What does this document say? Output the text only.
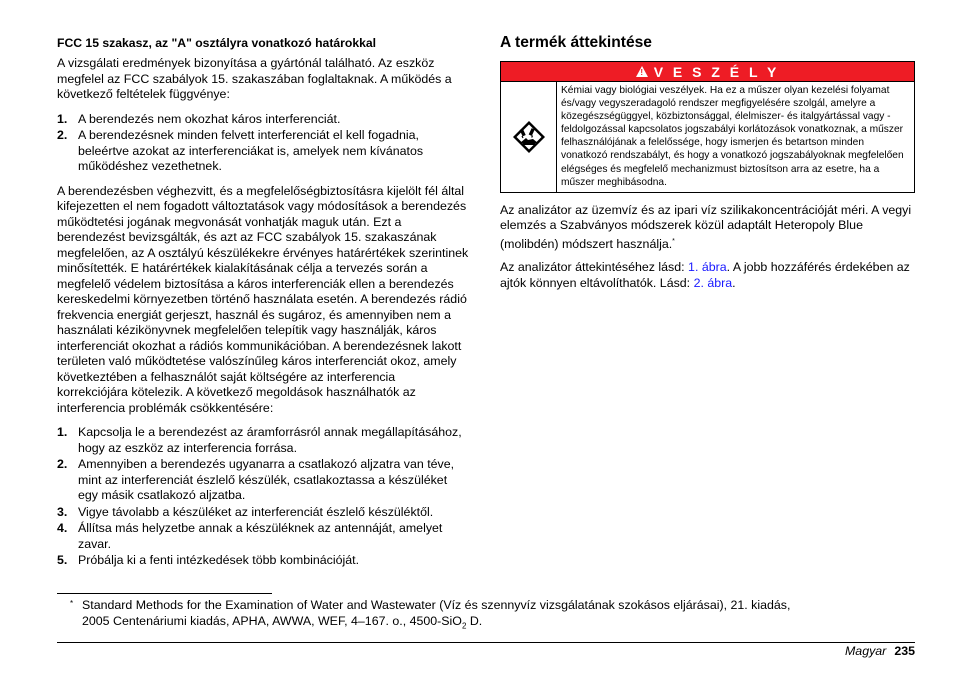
FCC 15 szakasz, az "A" osztályra vonatkozó határokkal

A vizsgálati eredmények bizonyítása a gyártónál található. Az eszköz megfelel az FCC szabályok 15. szakaszában foglaltaknak. A működés a következő feltételek függvénye:

1. A berendezés nem okozhat káros interferenciát.
2. A berendezésnek minden felvett interferenciát el kell fogadnia, beleértve azokat az interferenciákat is, amelyek nem kívánatos működéshez vezethetnek.

A berendezésben véghezvitt, és a megfelelőségbiztosításra kijelölt fél által kifejezetten el nem fogadott változtatások vagy módosítások a berendezés működtetési jogának megvonását vonhatják maguk után. Ezt a berendezést bevizsgálták, és azt az FCC szabályok 15. szakaszának megfelelően, az A osztályú készülékekre érvényes határértékek szerintinek minősítették. E határértékek kialakításának célja a tervezés során a megfelelő védelem biztosítása a káros interferenciák ellen a berendezés kereskedelmi környezetben történő használata esetén. A berendezés rádió frekvencia energiát gerjeszt, használ és sugároz, és amennyiben nem a használati kézikönyvnek megfelelően telepítik vagy használják, káros interferenciát okozhat a rádiós kommunikációban. A berendezésnek lakott területen való működtetése valószínűleg káros interferenciát okoz, amely következtében a felhasználót saját költségére az interferencia korrekciójára kötelezik. A következő megoldások használhatók az interferencia problémák csökkentésére:

1. Kapcsolja le a berendezést az áramforrásról annak megállapításához, hogy az eszköz az interferencia forrása.
2. Amennyiben a berendezés ugyanarra a csatlakozó aljzatra van téve, mint az interferenciát észlelő készülék, csatlakoztassa a készüléket egy másik csatlakozó aljzatba.
3. Vigye távolabb a készüléket az interferenciát észlelő készüléktől.
4. Állítsa más helyzetbe annak a készüléknek az antennáját, amelyet zavar.
5. Próbálja ki a fenti intézkedések több kombinációját.
A termék áttekintése
! V E S Z É L Y
Kémiai vagy biológiai veszélyek. Ha ez a műszer olyan kezelési folyamat és/vagy vegyszeradagoló rendszer megfigyelésére szolgál, amelyre a közegészségüggyel, közbiztonsággal, élelmiszer- és italgyártással vagy -feldolgozással kapcsolatos jogszabályi korlátozások vonatkoznak, a műszer felhasználójának a felelőssége, hogy ismerjen és betartson minden vonatkozó rendszabályt, és hogy a vonatkozó jogszabályoknak megfelelően elégséges és megfelelő mechanizmust biztosítson arra az esetre, ha a műszer meghibásodna.

Az analizátor az üzemvíz és az ipari víz szilikakoncentrációját méri. A vegyi elemzés a Szabványos módszerek közül adaptált Heteropoly Blue (molibdén) módszert használja.*

Az analizátor áttekintéséhez lásd: 1. ábra. A jobb hozzáférés érdekében az ajtók könnyen eltávolíthatók. Lásd: 2. ábra.

* Standard Methods for the Examination of Water and Wastewater (Víz és szennyvíz vizsgálatának szokásos eljárásai), 21. kiadás,
2005 Centenáriumi kiadás, APHA, AWWA, WEF, 4–167. o., 4500-SiO$_2$ D.
Magyar 235
